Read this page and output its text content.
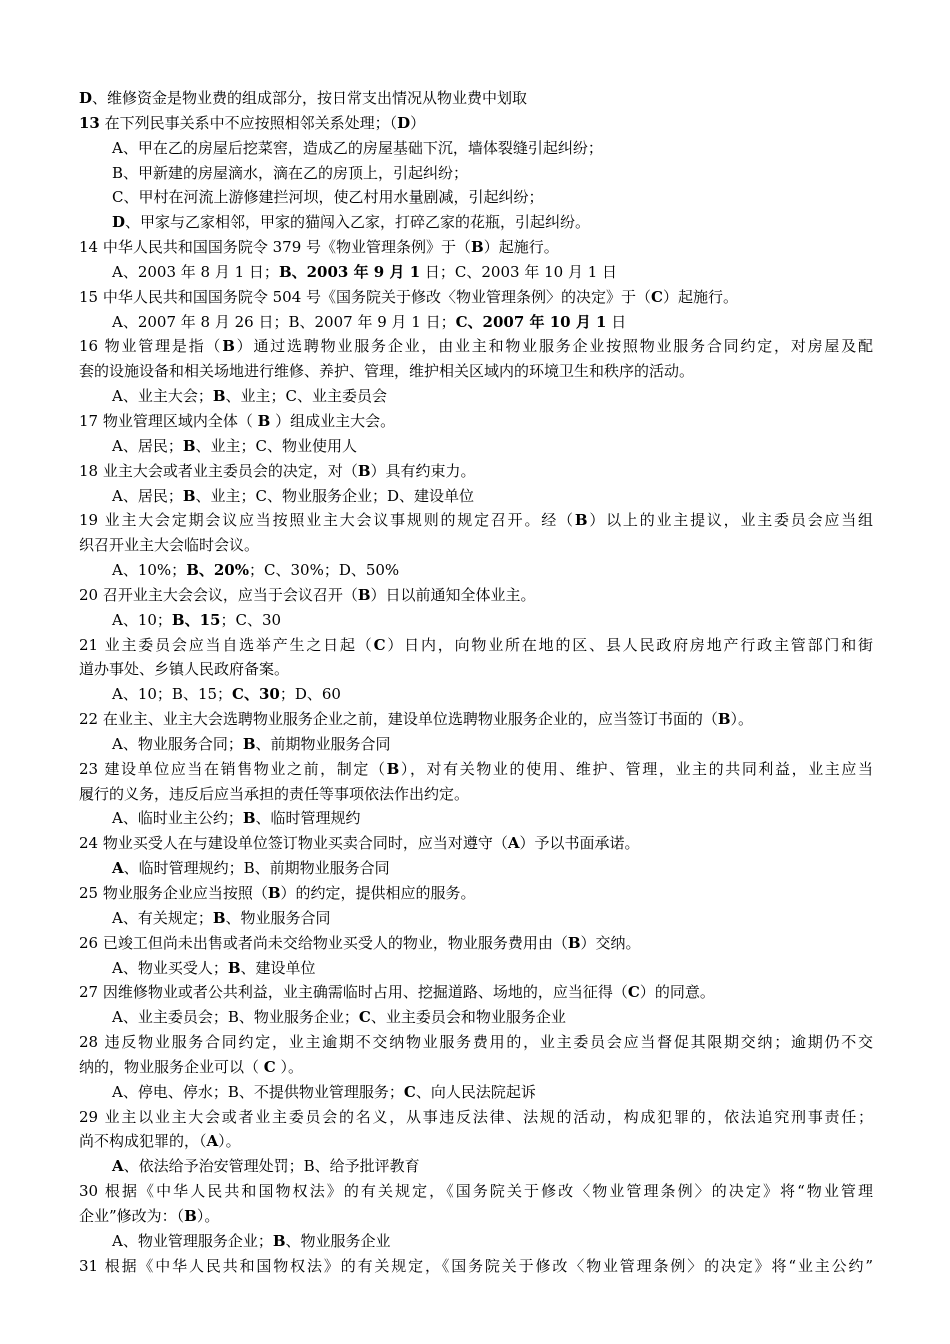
D、维修资金是物业费的组成部分，按日常支出情况从物业费中划取
13 在下列民事关系中不应按照相邻关系处理；（D）
A、甲在乙的房屋后挖菜窖，造成乙的房屋基础下沉，墙体裂缝引起纠纷；
B、甲新建的房屋滴水，滴在乙的房顶上，引起纠纷；
C、甲村在河流上游修建拦河坝，使乙村用水量剧减，引起纠纷；
D、甲家与乙家相邻，甲家的猫闯入乙家，打碎乙家的花瓶，引起纠纷。
14 中华人民共和国国务院令 379 号《物业管理条例》于（B）起施行。
A、2003 年 8 月 1 日；B、2003 年 9 月 1 日；C、2003 年 10 月 1 日
15 中华人民共和国国务院令 504 号《国务院关于修改〈物业管理条例〉的决定》于（C）起施行。
A、2007 年 8 月 26 日；B、2007 年 9 月 1 日；C、2007 年 10 月 1 日
16 物业管理是指（B）通过选聘物业服务企业，由业主和物业服务企业按照物业服务合同约定，对房屋及配
套的设施设备和相关场地进行维修、养护、管理，维护相关区域内的环境卫生和秩序的活动。
A、业主大会；B、业主；C、业主委员会
17 物业管理区域内全体（ B ）组成业主大会。
A、居民；B、业主；C、物业使用人
18 业主大会或者业主委员会的决定，对（B）具有约束力。
A、居民；B、业主；C、物业服务企业；D、建设单位
19 业主大会定期会议应当按照业主大会议事规则的规定召开。经（B）以上的业主提议，业主委员会应当组
织召开业主大会临时会议。
A、10%；B、20%；C、30%；D、50%
20 召开业主大会会议，应当于会议召开（B）日以前通知全体业主。
A、10；B、15；C、30
21 业主委员会应当自选举产生之日起（C）日内，向物业所在地的区、县人民政府房地产行政主管部门和街
道办事处、乡镇人民政府备案。
A、10；B、15；C、30；D、60
22 在业主、业主大会选聘物业服务企业之前，建设单位选聘物业服务企业的，应当签订书面的（B）。
A、物业服务合同；B、前期物业服务合同
23 建设单位应当在销售物业之前，制定（B），对有关物业的使用、维护、管理，业主的共同利益，业主应当
履行的义务，违反后应当承担的责任等事项依法作出约定。
A、临时业主公约；B、临时管理规约
24 物业买受人在与建设单位签订物业买卖合同时，应当对遵守（A）予以书面承诺。
A、临时管理规约；B、前期物业服务合同
25 物业服务企业应当按照（B）的约定，提供相应的服务。
A、有关规定；B、物业服务合同
26 已竣工但尚未出售或者尚未交给物业买受人的物业，物业服务费用由（B）交纳。
A、物业买受人；B、建设单位
27 因维修物业或者公共利益，业主确需临时占用、挖掘道路、场地的，应当征得（C）的同意。
A、业主委员会；B、物业服务企业；C、业主委员会和物业服务企业
28 违反物业服务合同约定，业主逾期不交纳物业服务费用的，业主委员会应当督促其限期交纳；逾期仍不交
纳的，物业服务企业可以（ C ）。
A、停电、停水；B、不提供物业管理服务；C、向人民法院起诉
29 业主以业主大会或者业主委员会的名义，从事违反法律、法规的活动，构成犯罪的，依法追究刑事责任；
尚不构成犯罪的，（A）。
A、依法给予治安管理处罚；B、给予批评教育
30 根据《中华人民共和国物权法》的有关规定，《国务院关于修改〈物业管理条例〉的决定》将“物业管理
企业”修改为：（B）。
A、物业管理服务企业；B、物业服务企业
31 根据《中华人民共和国物权法》的有关规定，《国务院关于修改〈物业管理条例〉的决定》将“业主公约”
